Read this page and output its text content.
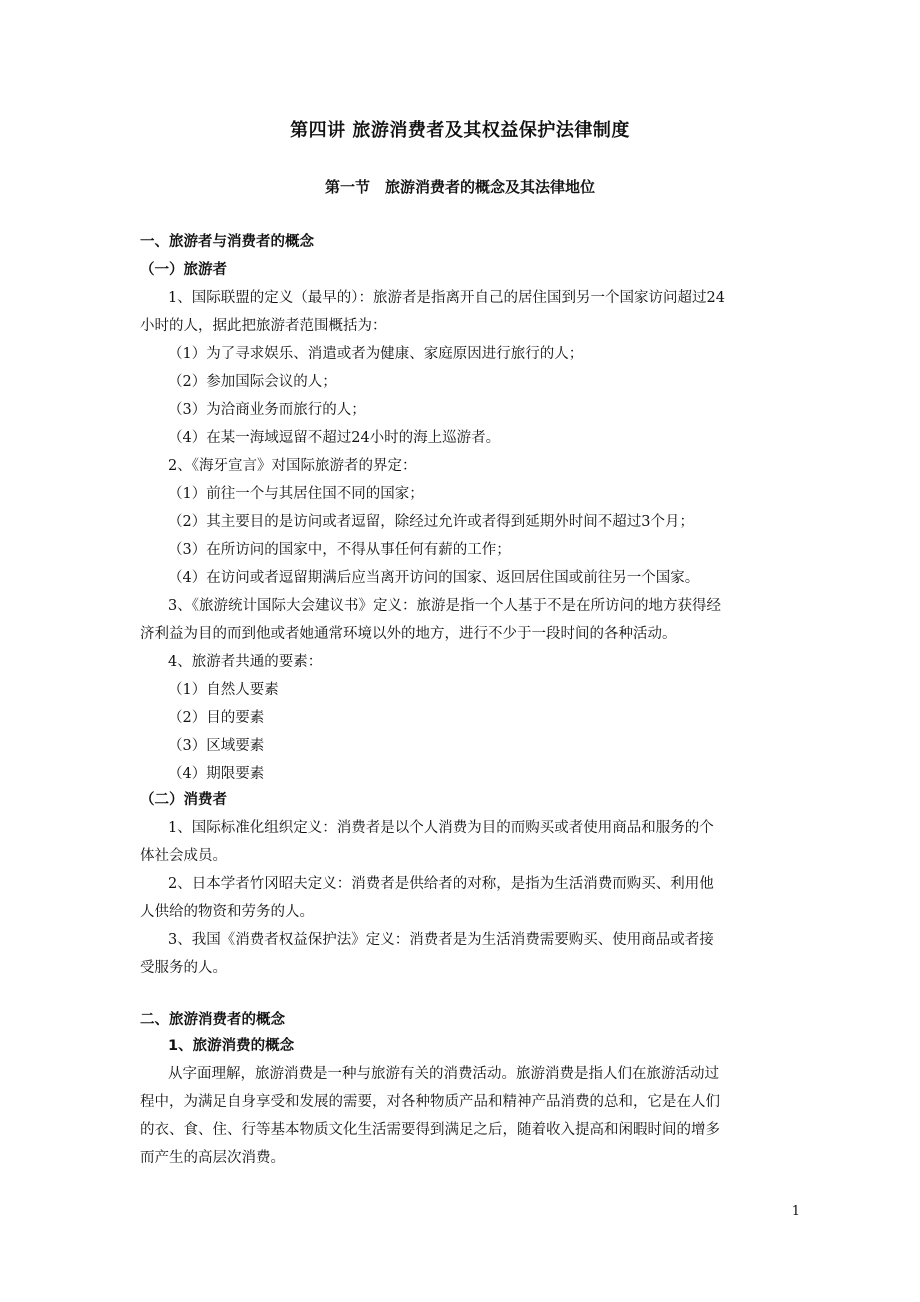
第四讲 旅游消费者及其权益保护法律制度
第一节　旅游消费者的概念及其法律地位
一、旅游者与消费者的概念
（一）旅游者
1、国际联盟的定义（最早的）：旅游者是指离开自己的居住国到另一个国家访问超过24
小时的人，据此把旅游者范围概括为：
（1）为了寻求娱乐、消遣或者为健康、家庭原因进行旅行的人；
（2）参加国际会议的人；
（3）为洽商业务而旅行的人；
（4）在某一海域逗留不超过24小时的海上巡游者。
2、《海牙宣言》对国际旅游者的界定：
（1）前往一个与其居住国不同的国家；
（2）其主要目的是访问或者逗留，除经过允许或者得到延期外时间不超过3个月；
（3）在所访问的国家中，不得从事任何有薪的工作；
（4）在访问或者逗留期满后应当离开访问的国家、返回居住国或前往另一个国家。
3、《旅游统计国际大会建议书》定义：旅游是指一个人基于不是在所访问的地方获得经
济利益为目的而到他或者她通常环境以外的地方，进行不少于一段时间的各种活动。
4、旅游者共通的要素：
（1）自然人要素
（2）目的要素
（3）区域要素
（4）期限要素
（二）消费者
1、国际标准化组织定义：消费者是以个人消费为目的而购买或者使用商品和服务的个
体社会成员。
2、日本学者竹冈昭夫定义：消费者是供给者的对称，是指为生活消费而购买、利用他
人供给的物资和劳务的人。
3、我国《消费者权益保护法》定义：消费者是为生活消费需要购买、使用商品或者接
受服务的人。
二、旅游消费者的概念
1、旅游消费的概念
从字面理解，旅游消费是一种与旅游有关的消费活动。旅游消费是指人们在旅游活动过
程中，为满足自身享受和发展的需要，对各种物质产品和精神产品消费的总和，它是在人们
的衣、食、住、行等基本物质文化生活需要得到满足之后，随着收入提高和闲暇时间的增多
而产生的高层次消费。
1
